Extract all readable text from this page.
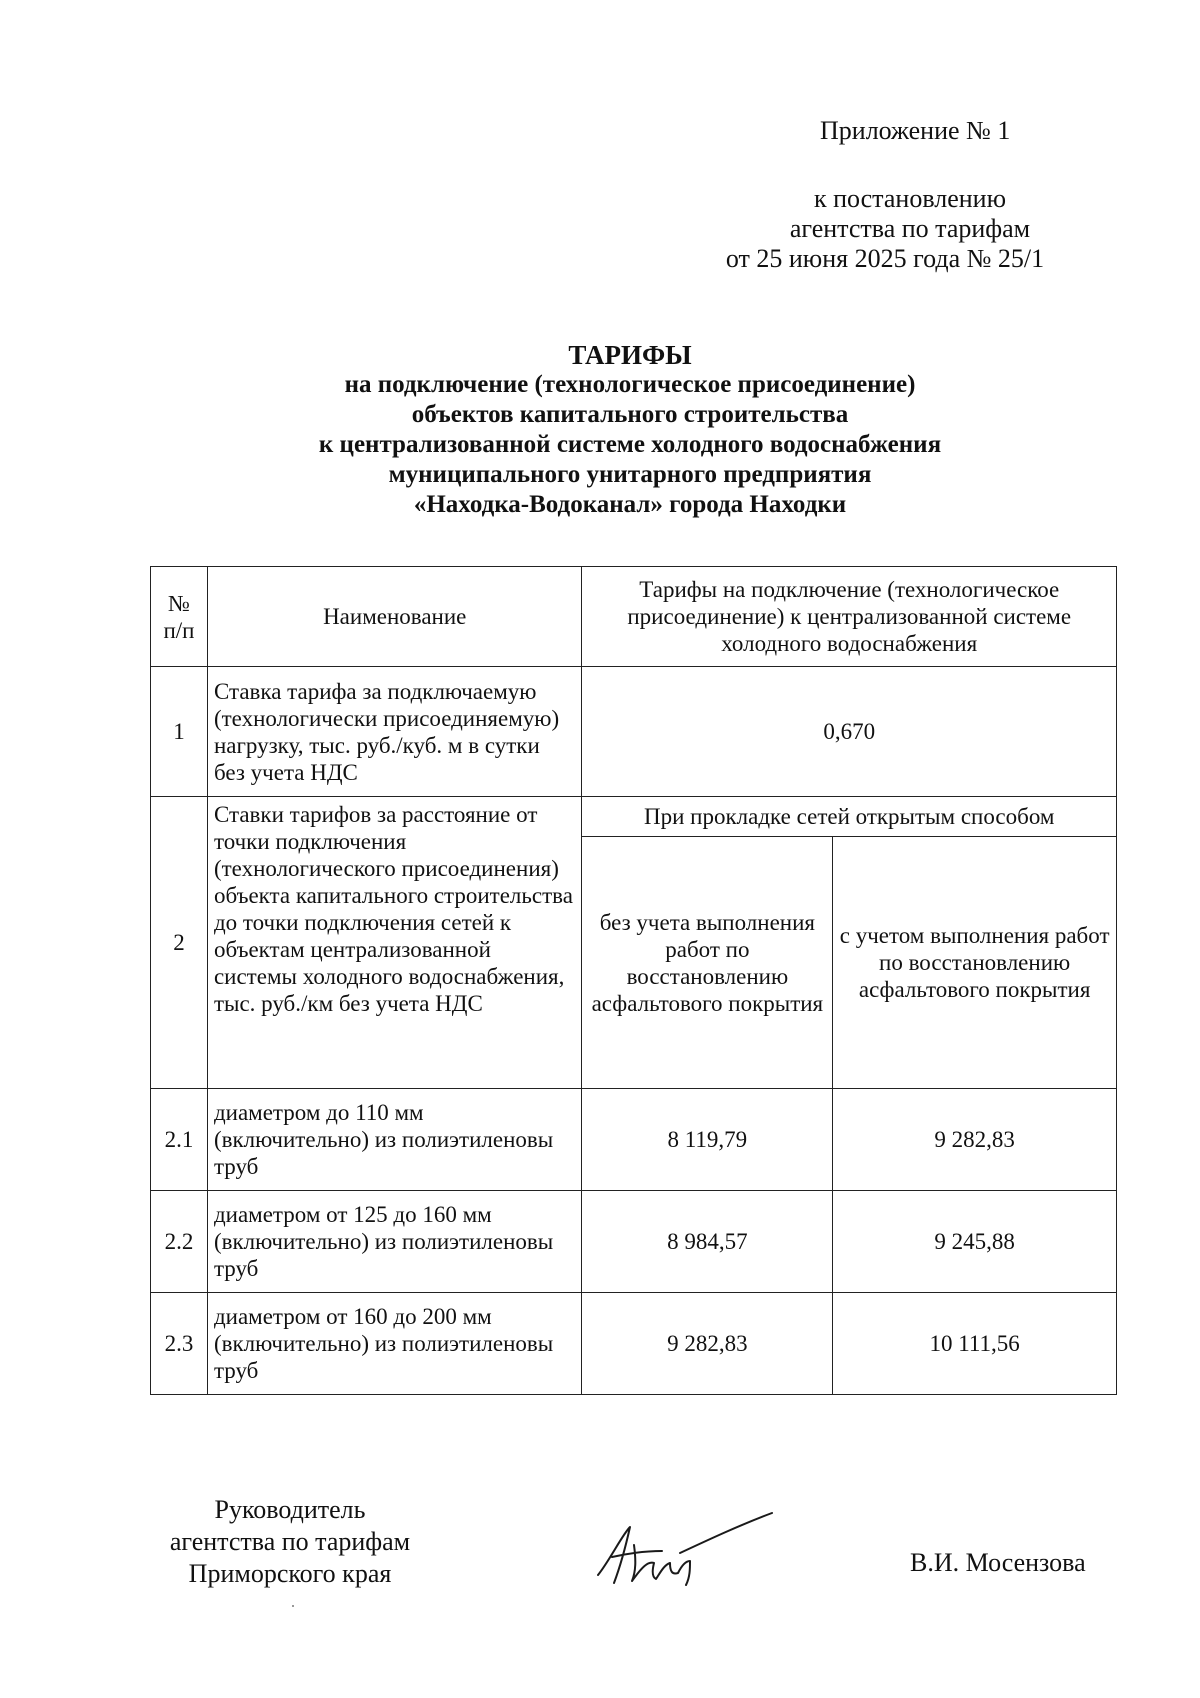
Приложение № 1
к постановлению
агентства по тарифам
от 25 июня 2025 года № 25/1
ТАРИФЫ
на подключение (технологическое присоединение)
объектов капитального строительства
к централизованной системе холодного водоснабжения
муниципального унитарного предприятия
«Находка-Водоканал» города Находки
№ п/п	Наименование	Тарифы на подключение (технологическое присоединение) к централизованной системе холодного водоснабжения	
1	Ставка тарифа за подключаемую (технологически присоединяемую) нагрузку, тыс. руб./куб. м в сутки без учета НДС	0,670	
2	Ставки тарифов за расстояние от точки подключения (технологического присоединения) объекта капитального строительства до точки подключения сетей к объектам централизованной системы холодного водоснабжения, тыс. руб./км без учета НДС	При прокладке сетей открытым способом	
		без учета выполнения работ по восстановлению асфальтового покрытия	с учетом выполнения работ по восстановлению асфальтового покрытия
2.1	диаметром до 110 мм (включительно) из полиэтиленовы труб	8 119,79	9 282,83
2.2	диаметром от 125 до 160 мм (включительно) из полиэтиленовы труб	8 984,57	9 245,88
2.3	диаметром от 160 до 200 мм (включительно) из полиэтиленовы труб	9 282,83	10 111,56
Руководитель
агентства по тарифам
Приморского края	В.И. Мосензова
